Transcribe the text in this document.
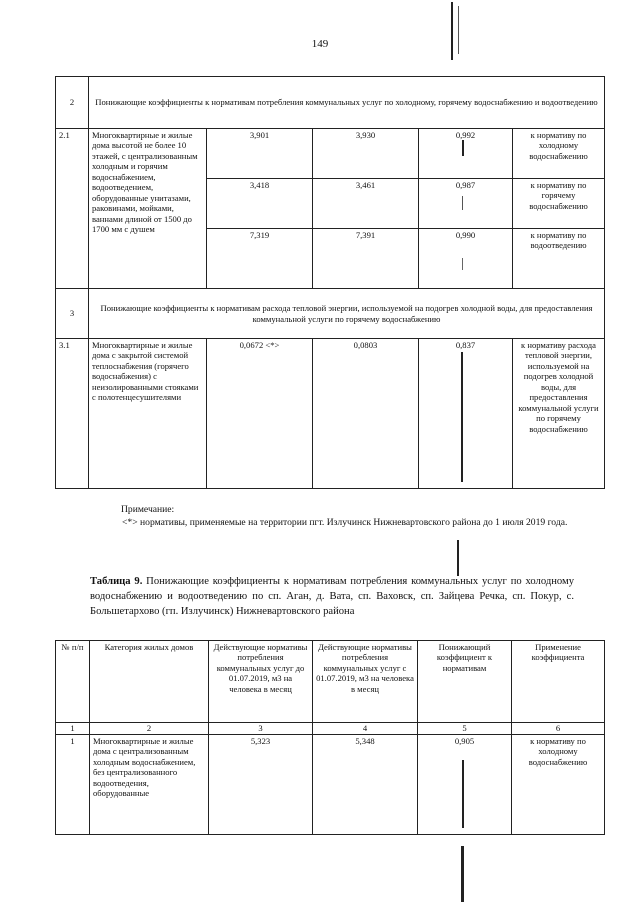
149
2	Понижающие коэффициенты к нормативам потребления коммунальных услуг по холодному, горячему водоснабжению и водоотведению				
2.1	Многоквартирные и жилые дома высотой не более 10 этажей, с централизованным холодным и горячим водоснабжением, водоотведением, оборудованные унитазами, раковинами, мойками, ваннами длиной от 1500 до 1700 мм с душем	3,901	3,930	0,992	к нормативу по холодному водоснабжению
		3,418	3,461	0,987	к нормативу по горячему водоснабжению
		7,319	7,391	0,990	к нормативу по водоотведению
3	Понижающие коэффициенты к нормативам расхода тепловой энергии, используемой на подогрев холодной воды, для предоставления коммунальной услуги по горячему водоснабжению				
3.1	Многоквартирные и жилые дома с закрытой системой теплоснабжения (горячего водоснабжения) с неизолированными стояками с полотенцесушителями	0,0672 <*>	0,0803	0,837	к нормативу расхода тепловой энергии, используемой на подогрев холодной воды, для предоставления коммунальной услуги по горячему водоснабжению
Примечание:
<*> нормативы, применяемые на территории пгт. Излучинск Нижневартовского района до 1 июля 2019 года.
Таблица 9. Понижающие коэффициенты к нормативам потребления коммунальных услуг по холодному водоснабжению и водоотведению по сп. Аган, д. Вата, сп. Ваховск, сп. Зайцева Речка, сп. Покур, с. Большетархово (гп. Излучинск) Нижневартовского района
№ п/п	Категория жилых домов	Действующие нормативы потребления коммунальных услуг до 01.07.2019, м3 на человека в месяц	Действующие нормативы потребления коммунальных услуг с 01.07.2019, м3 на человека в месяц	Понижающий коэффициент к нормативам	Применение коэффициента
1	2	3	4	5	6
1	Многоквартирные и жилые дома с централизованным холодным водоснабжением, без централизованного водоотведения, оборудованные	5,323	5,348	0,905	к нормативу по холодному водоснабжению
